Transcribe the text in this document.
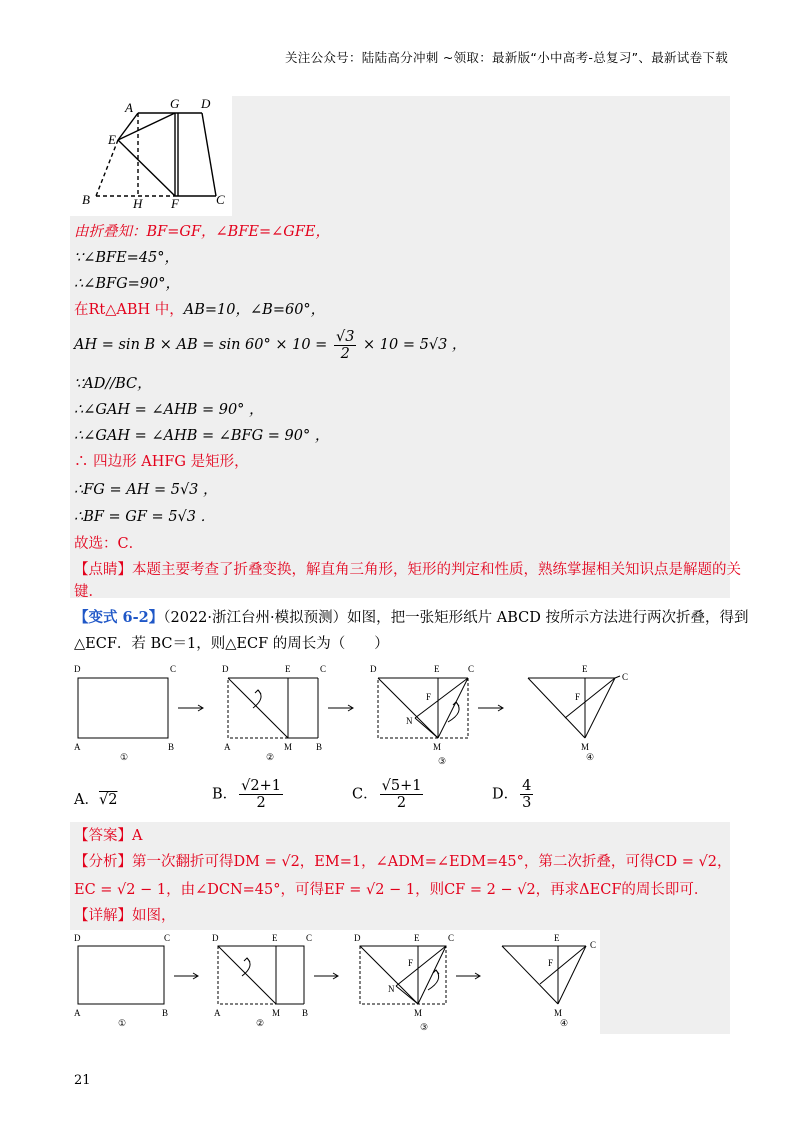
关注公众号：陆陆高分冲刺 ~领取：最新版“小中高考-总复习”、最新试卷下载
A	G D
E
B	H F	C
由折叠知：BF=GF，∠BFE=∠GFE，
∵∠BFE=45°，
∴∠BFG=90°，
在Rt△ABH 中，AB=10，∠B=60°，
AH = sin B × AB = $\sin 60^\circ \times 10 = \frac{√3}{2} \times 10 = 5√3$ ，
∵AD//BC，
∴∠GAH = ∠AHB = 90° ，
∴∠GAH = ∠AHB = ∠BFG = 90° ，
∴ 四边形 AHFG 是矩形，
∴FG = AH = 5√3 ，
∴BF = GF = 5√3 ．
故选：C．
【点睛】本题主要考查了折叠变换，解直角三角形，矩形的判定和性质，熟练掌握相关知识点是解题的关
键．
【变式 6-2】（2022·浙江台州·模拟预测）如图，把一张矩形纸片 ABCD 按所示方法进行两次折叠，得到
△ECF．若 BC＝1，则△ECF 的周长为（　　）
D	C
A	B
①
D	E	C
A	M	B
②
D	E	C
F
N
M
③
E
C
F
M
④
A．√2	B． $\frac{√2+1}{2}$	C． $\frac{√5+1}{2}$	D． $\frac{4}{3}$
【答案】A
【分析】第一次翻折可得DM = √2，EM=1，∠ADM=∠EDM=45°，第二次折叠，可得CD = √2，
EC = √2 − 1，由∠DCN=45°，可得EF = √2 − 1，则CF = 2 − √2，再求ΔECF的周长即可．
【详解】如图，
D	C
A	B
①
D	E	C
A	M B
②
D	E	C
F
N
M
③
E
C
F
M
④
21
